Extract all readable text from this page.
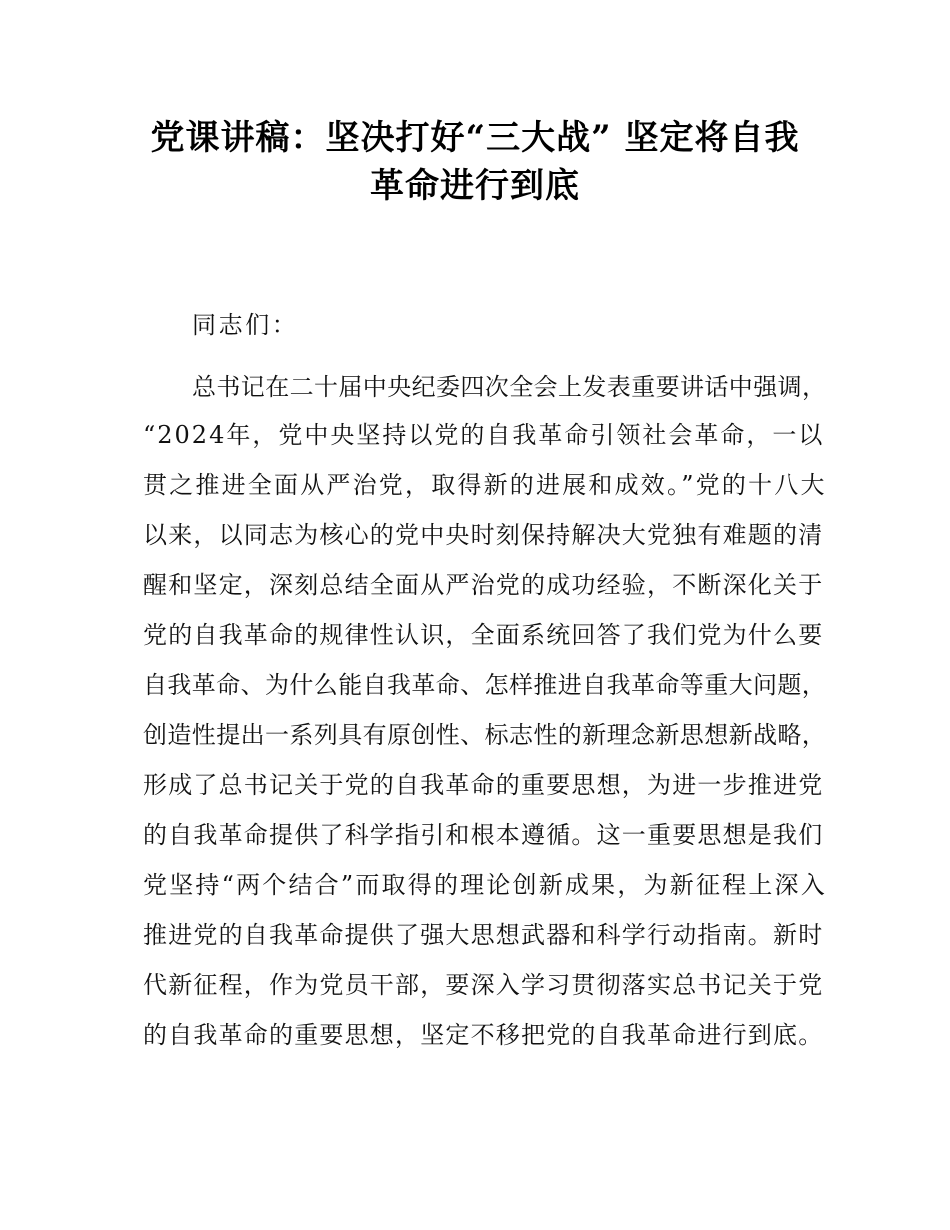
党课讲稿：坚决打好“三大战” 坚定将自我
革命进行到底
同志们：
总书记在二十届中央纪委四次全会上发表重要讲话中强调，
“2024年，党中央坚持以党的自我革命引领社会革命，一以
贯之推进全面从严治党，取得新的进展和成效。”党的十八大
以来，以同志为核心的党中央时刻保持解决大党独有难题的清
醒和坚定，深刻总结全面从严治党的成功经验，不断深化关于
党的自我革命的规律性认识，全面系统回答了我们党为什么要
自我革命、为什么能自我革命、怎样推进自我革命等重大问题，
创造性提出一系列具有原创性、标志性的新理念新思想新战略，
形成了总书记关于党的自我革命的重要思想，为进一步推进党
的自我革命提供了科学指引和根本遵循。这一重要思想是我们
党坚持“两个结合”而取得的理论创新成果，为新征程上深入
推进党的自我革命提供了强大思想武器和科学行动指南。新时
代新征程，作为党员干部，要深入学习贯彻落实总书记关于党
的自我革命的重要思想，坚定不移把党的自我革命进行到底。
